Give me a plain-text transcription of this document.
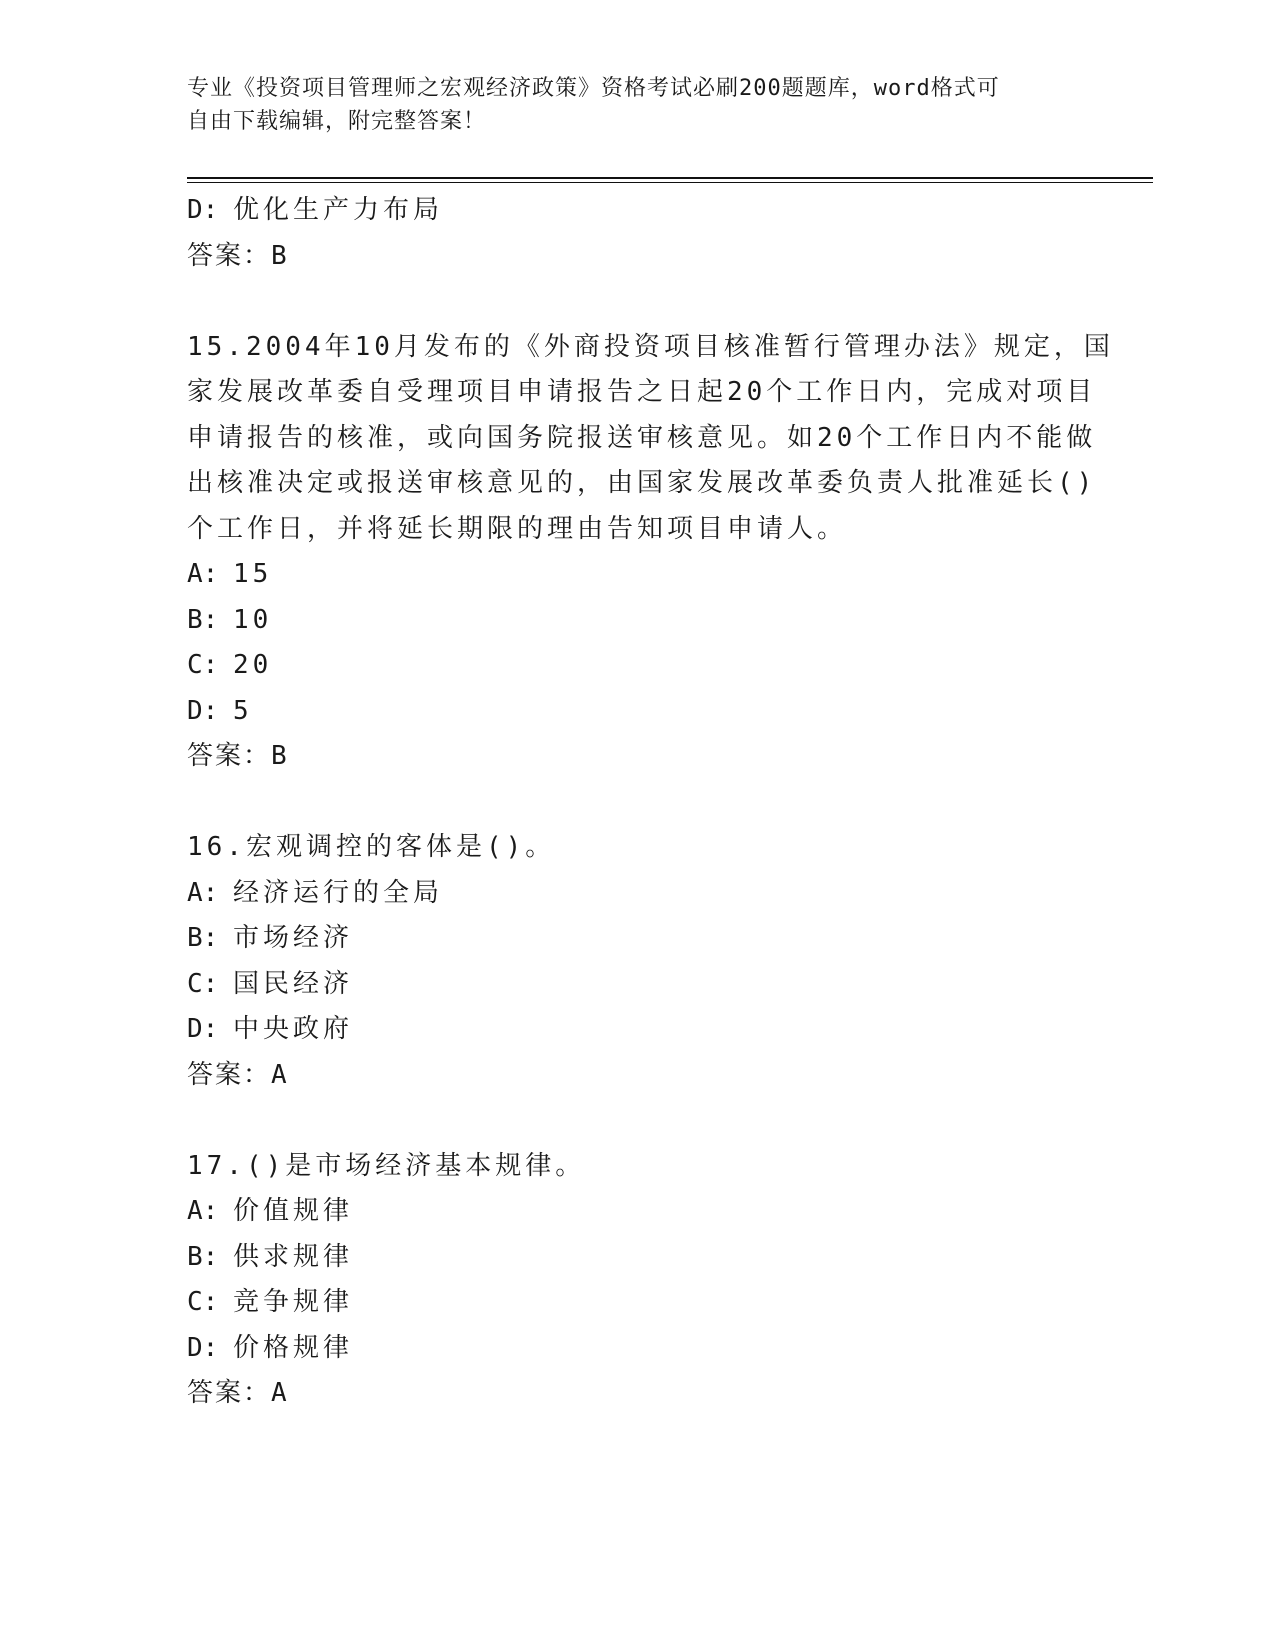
专业《投资项目管理师之宏观经济政策》资格考试必刷200题题库，word格式可
自由下载编辑，附完整答案！
D: 优化生产力布局
答案：B
15.2004年10月发布的《外商投资项目核准暂行管理办法》规定，国
家发展改革委自受理项目申请报告之日起20个工作日内，完成对项目
申请报告的核准，或向国务院报送审核意见。如20个工作日内不能做
出核准决定或报送审核意见的，由国家发展改革委负责人批准延长()
个工作日，并将延长期限的理由告知项目申请人。
A: 15
B: 10
C: 20
D: 5
答案：B
16.宏观调控的客体是()。
A: 经济运行的全局
B: 市场经济
C: 国民经济
D: 中央政府
答案：A
17.()是市场经济基本规律。
A: 价值规律
B: 供求规律
C: 竞争规律
D: 价格规律
答案：A
